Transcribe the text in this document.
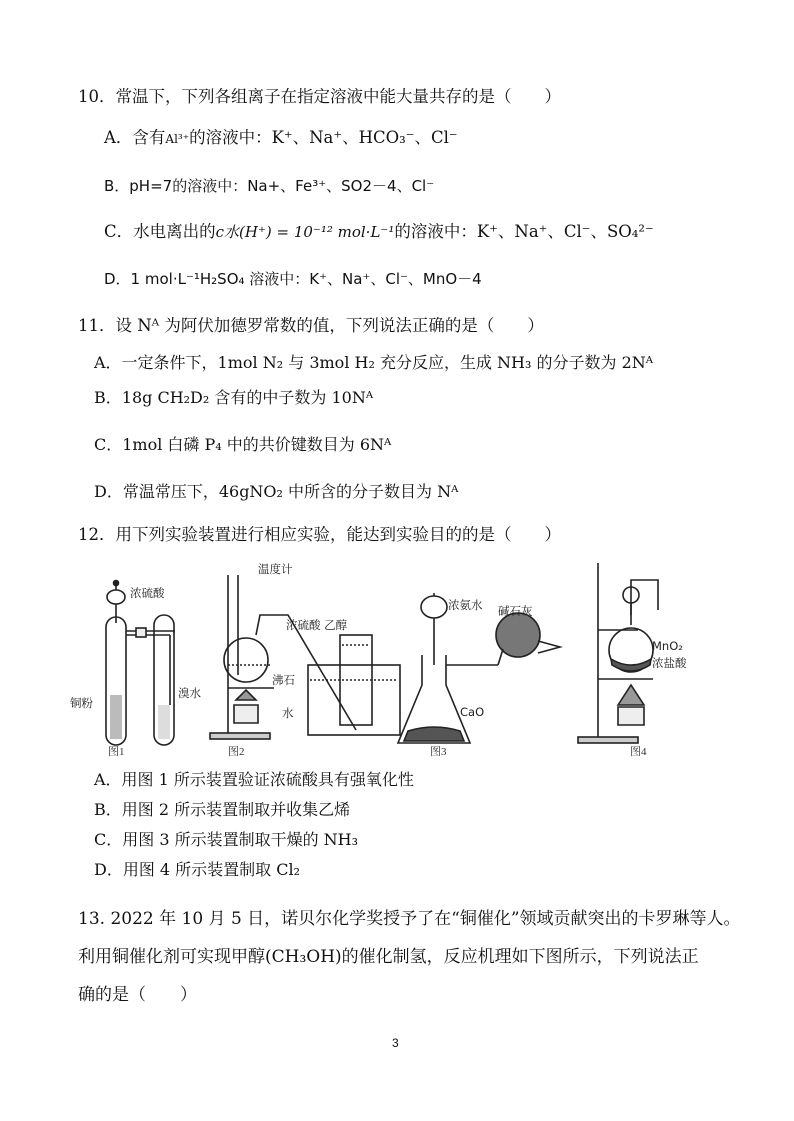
10．常温下，下列各组离子在指定溶液中能大量共存的是（　　）
A．含有Al³⁺的溶液中：K⁺、Na⁺、HCO₃⁻、Cl⁻
B．pH=7的溶液中：Na+、Fe³⁺、SO2－4、Cl⁻
C．水电离出的c水(H⁺) = 10⁻¹² mol·L⁻¹的溶液中：K⁺、Na⁺、Cl⁻、SO₄²⁻
D．1 mol·L⁻¹H₂SO₄ 溶液中：K⁺、Na⁺、Cl⁻、MnO－4
11．设 Nᴬ 为阿伏加德罗常数的值，下列说法正确的是（　　）
A．一定条件下，1mol N₂ 与 3mol H₂ 充分反应，生成 NH₃ 的分子数为 2Nᴬ
B．18g CH₂D₂ 含有的中子数为 10Nᴬ
C．1mol 白磷 P₄ 中的共价键数目为 6Nᴬ
D．常温常压下，46gNO₂ 中所含的分子数目为 Nᴬ
12．用下列实验装置进行相应实验，能达到实验目的的是（　　）
图1	图2	图3	图4
浓硫酸
铜粉
溴水
温度计
浓硫酸 乙醇
沸石
水
浓氨水 碱石灰
CaO
MnO₂
浓盐酸
A．用图 1 所示装置验证浓硫酸具有强氧化性
B．用图 2 所示装置制取并收集乙烯
C．用图 3 所示装置制取干燥的 NH₃
D．用图 4 所示装置制取 Cl₂
13. 2022 年 10 月 5 日，诺贝尔化学奖授予了在“铜催化”领域贡献突出的卡罗琳等人。
利用铜催化剂可实现甲醇(CH₃OH)的催化制氢，反应机理如下图所示，下列说法正
确的是（　　）
3
